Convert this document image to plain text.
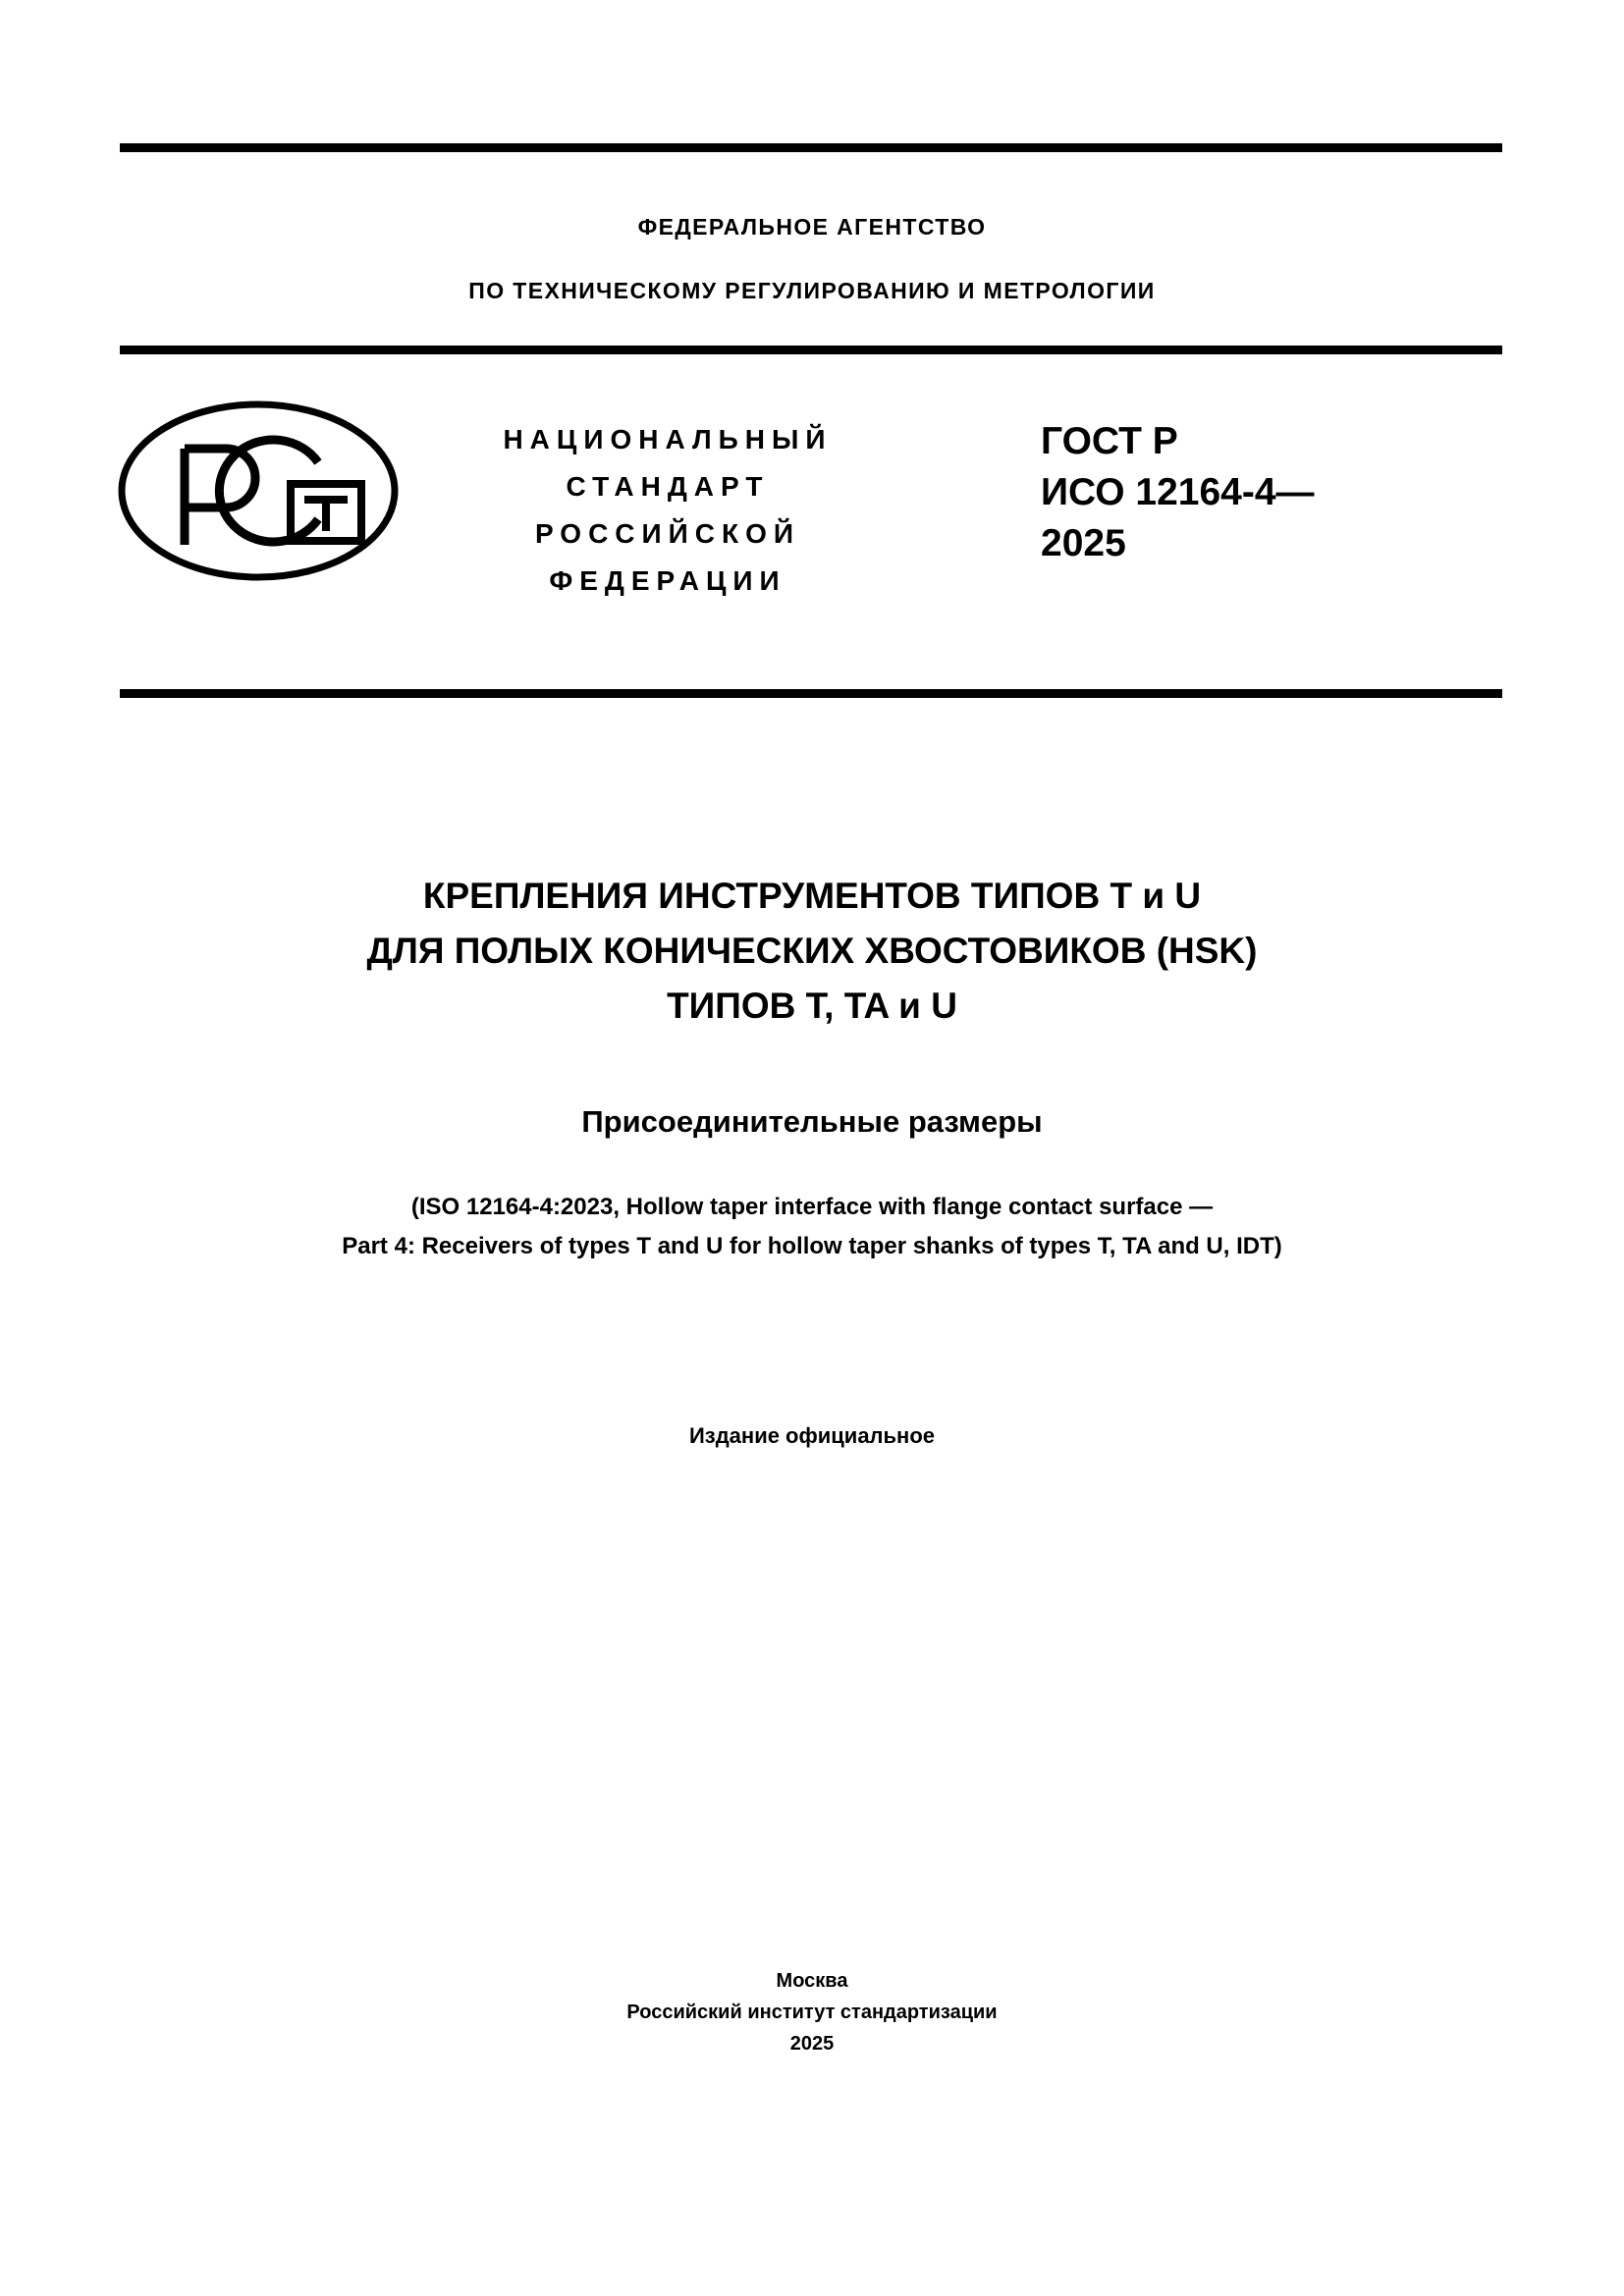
ФЕДЕРАЛЬНОЕ АГЕНТСТВО
ПО ТЕХНИЧЕСКОМУ РЕГУЛИРОВАНИЮ И МЕТРОЛОГИИ
НАЦИОНАЛЬНЫЙ
СТАНДАРТ
РОССИЙСКОЙ
ФЕДЕРАЦИИ
ГОСТ Р
ИСО 12164-4—
2025
КРЕПЛЕНИЯ ИНСТРУМЕНТОВ ТИПОВ T и U
ДЛЯ ПОЛЫХ КОНИЧЕСКИХ ХВОСТОВИКОВ (HSK)
ТИПОВ T, TA и U
Присоединительные размеры
(ISO 12164-4:2023, Hollow taper interface with flange contact surface —
Part 4: Receivers of types T and U for hollow taper shanks of types T, TA and U, IDT)
Издание официальное
Москва
Российский институт стандартизации
2025
